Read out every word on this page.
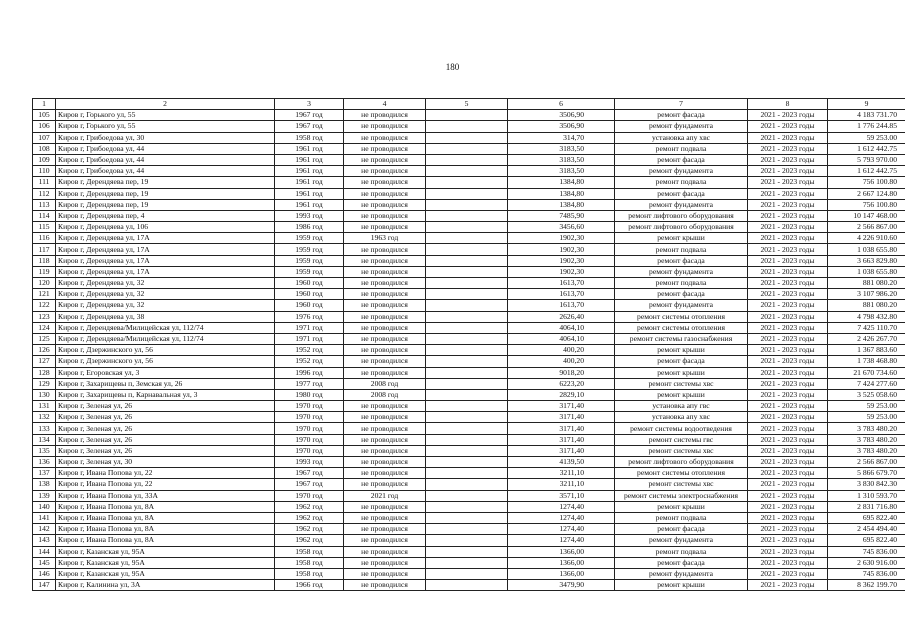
180
1	2	3	4	5	6	7	8	9
105	Киров г, Горького ул, 55	1967 год	не проводился		3506,90	ремонт фасада	2021 - 2023 годы	4 183 731.70
106	Киров г, Горького ул, 55	1967 год	не проводился		3506,90	ремонт фундамента	2021 - 2023 годы	1 776 244.85
107	Киров г, Грибоедова ул, 30	1958 год	не проводился		314,70	установка апу хвс	2021 - 2023 годы	59 253.00
108	Киров г, Грибоедова ул, 44	1961 год	не проводился		3183,50	ремонт подвала	2021 - 2023 годы	1 612 442.75
109	Киров г, Грибоедова ул, 44	1961 год	не проводился		3183,50	ремонт фасада	2021 - 2023 годы	5 793 970.00
110	Киров г, Грибоедова ул, 44	1961 год	не проводился		3183,50	ремонт фундамента	2021 - 2023 годы	1 612 442.75
111	Киров г, Дерендяева пер, 19	1961 год	не проводился		1384,80	ремонт подвала	2021 - 2023 годы	756 100.80
112	Киров г, Дерендяева пер, 19	1961 год	не проводился		1384,80	ремонт фасада	2021 - 2023 годы	2 667 124.80
113	Киров г, Дерендяева пер, 19	1961 год	не проводился		1384,80	ремонт фундамента	2021 - 2023 годы	756 100.80
114	Киров г, Дерендяева пер, 4	1993 год	не проводился		7485,90	ремонт лифтового оборудования	2021 - 2023 годы	10 147 468.00
115	Киров г, Дерендяева ул, 106	1986 год	не проводился		3456,60	ремонт лифтового оборудования	2021 - 2023 годы	2 566 867.00
116	Киров г, Дерендяева ул, 17А	1959 год	1963 год		1902,30	ремонт крыши	2021 - 2023 годы	4 226 910.60
117	Киров г, Дерендяева ул, 17А	1959 год	не проводился		1902,30	ремонт подвала	2021 - 2023 годы	1 038 655.80
118	Киров г, Дерендяева ул, 17А	1959 год	не проводился		1902,30	ремонт фасада	2021 - 2023 годы	3 663 829.80
119	Киров г, Дерендяева ул, 17А	1959 год	не проводился		1902,30	ремонт фундамента	2021 - 2023 годы	1 038 655.80
120	Киров г, Дерендяева ул, 32	1960 год	не проводился		1613,70	ремонт подвала	2021 - 2023 годы	881 080.20
121	Киров г, Дерендяева ул, 32	1960 год	не проводился		1613,70	ремонт фасада	2021 - 2023 годы	3 107 986.20
122	Киров г, Дерендяева ул, 32	1960 год	не проводился		1613,70	ремонт фундамента	2021 - 2023 годы	881 080.20
123	Киров г, Дерендяева ул, 38	1976 год	не проводился		2626,40	ремонт системы отопления	2021 - 2023 годы	4 798 432.80
124	Киров г, Дерендяева/Милицейская ул, 112/74	1971 год	не проводился		4064,10	ремонт системы отопления	2021 - 2023 годы	7 425 110.70
125	Киров г, Дерендяева/Милицейская ул, 112/74	1971 год	не проводился		4064,10	ремонт системы газоснабжения	2021 - 2023 годы	2 426 267.70
126	Киров г, Дзержинского ул, 56	1952 год	не проводился		400,20	ремонт крыши	2021 - 2023 годы	1 367 883.60
127	Киров г, Дзержинского ул, 56	1952 год	не проводился		400,20	ремонт фасада	2021 - 2023 годы	1 738 468.80
128	Киров г, Егоровская ул, 3	1996 год	не проводился		9018,20	ремонт крыши	2021 - 2023 годы	21 670 734.60
129	Киров г, Захарищевы п, Земская ул, 26	1977 год	2008 год		6223,20	ремонт системы хвс	2021 - 2023 годы	7 424 277.60
130	Киров г, Захарищевы п, Карнавальная ул, 3	1980 год	2008 год		2829,10	ремонт крыши	2021 - 2023 годы	3 525 058.60
131	Киров г, Зеленая ул, 26	1970 год	не проводился		3171,40	установка апу гвс	2021 - 2023 годы	59 253.00
132	Киров г, Зеленая ул, 26	1970 год	не проводился		3171,40	установка апу хвс	2021 - 2023 годы	59 253.00
133	Киров г, Зеленая ул, 26	1970 год	не проводился		3171,40	ремонт системы водоотведения	2021 - 2023 годы	3 783 480.20
134	Киров г, Зеленая ул, 26	1970 год	не проводился		3171,40	ремонт системы гвс	2021 - 2023 годы	3 783 480.20
135	Киров г, Зеленая ул, 26	1970 год	не проводился		3171,40	ремонт системы хвс	2021 - 2023 годы	3 783 480.20
136	Киров г, Зеленая ул, 30	1993 год	не проводился		4139,50	ремонт лифтового оборудования	2021 - 2023 годы	2 566 867.00
137	Киров г, Ивана Попова ул, 22	1967 год	не проводился		3211,10	ремонт системы отопления	2021 - 2023 годы	5 866 679.70
138	Киров г, Ивана Попова ул, 22	1967 год	не проводился		3211,10	ремонт системы хвс	2021 - 2023 годы	3 830 842.30
139	Киров г, Ивана Попова ул, 33А	1970 год	2021 год		3571,10	ремонт системы электроснабжения	2021 - 2023 годы	1 310 593.70
140	Киров г, Ивана Попова ул, 8А	1962 год	не проводился		1274,40	ремонт крыши	2021 - 2023 годы	2 831 716.80
141	Киров г, Ивана Попова ул, 8А	1962 год	не проводился		1274,40	ремонт подвала	2021 - 2023 годы	695 822.40
142	Киров г, Ивана Попова ул, 8А	1962 год	не проводился		1274,40	ремонт фасада	2021 - 2023 годы	2 454 494.40
143	Киров г, Ивана Попова ул, 8А	1962 год	не проводился		1274,40	ремонт фундамента	2021 - 2023 годы	695 822.40
144	Киров г, Казанская ул, 95А	1958 год	не проводился		1366,00	ремонт подвала	2021 - 2023 годы	745 836.00
145	Киров г, Казанская ул, 95А	1958 год	не проводился		1366,00	ремонт фасада	2021 - 2023 годы	2 630 916.00
146	Киров г, Казанская ул, 95А	1958 год	не проводился		1366,00	ремонт фундамента	2021 - 2023 годы	745 836.00
147	Киров г, Калинина ул, 3А	1966 год	не проводился		3479,90	ремонт крыши	2021 - 2023 годы	8 362 199.70
